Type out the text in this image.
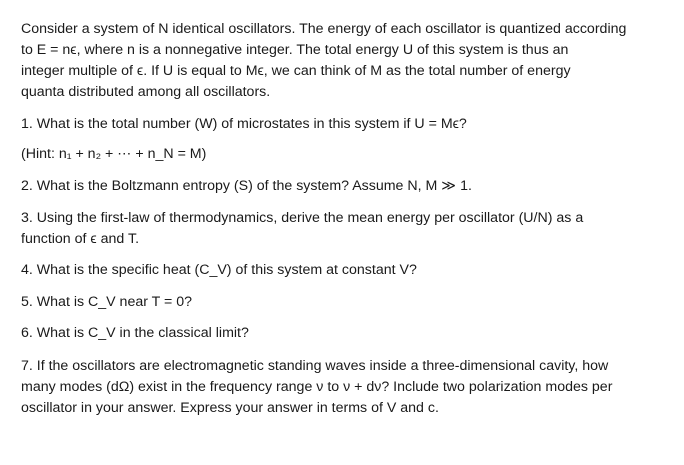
Consider a system of N identical oscillators. The energy of each oscillator is quantized according
to E = nϵ, where n is a nonnegative integer. The total energy U of this system is thus an
integer multiple of ϵ. If U is equal to Mϵ, we can think of M as the total number of energy
quanta distributed among all oscillators.
1. What is the total number (W) of microstates in this system if U = Mϵ?
(Hint: n₁ + n₂ + ⋯ + n_N = M)
2. What is the Boltzmann entropy (S) of the system? Assume N, M ≫ 1.
3. Using the first-law of thermodynamics, derive the mean energy per oscillator (U/N) as a
function of ϵ and T.
4. What is the specific heat (C_V) of this system at constant V?
5. What is C_V near T = 0?
6. What is C_V in the classical limit?
7. If the oscillators are electromagnetic standing waves inside a three-dimensional cavity, how
many modes (dΩ) exist in the frequency range ν to ν + dν? Include two polarization modes per
oscillator in your answer. Express your answer in terms of V and c.
